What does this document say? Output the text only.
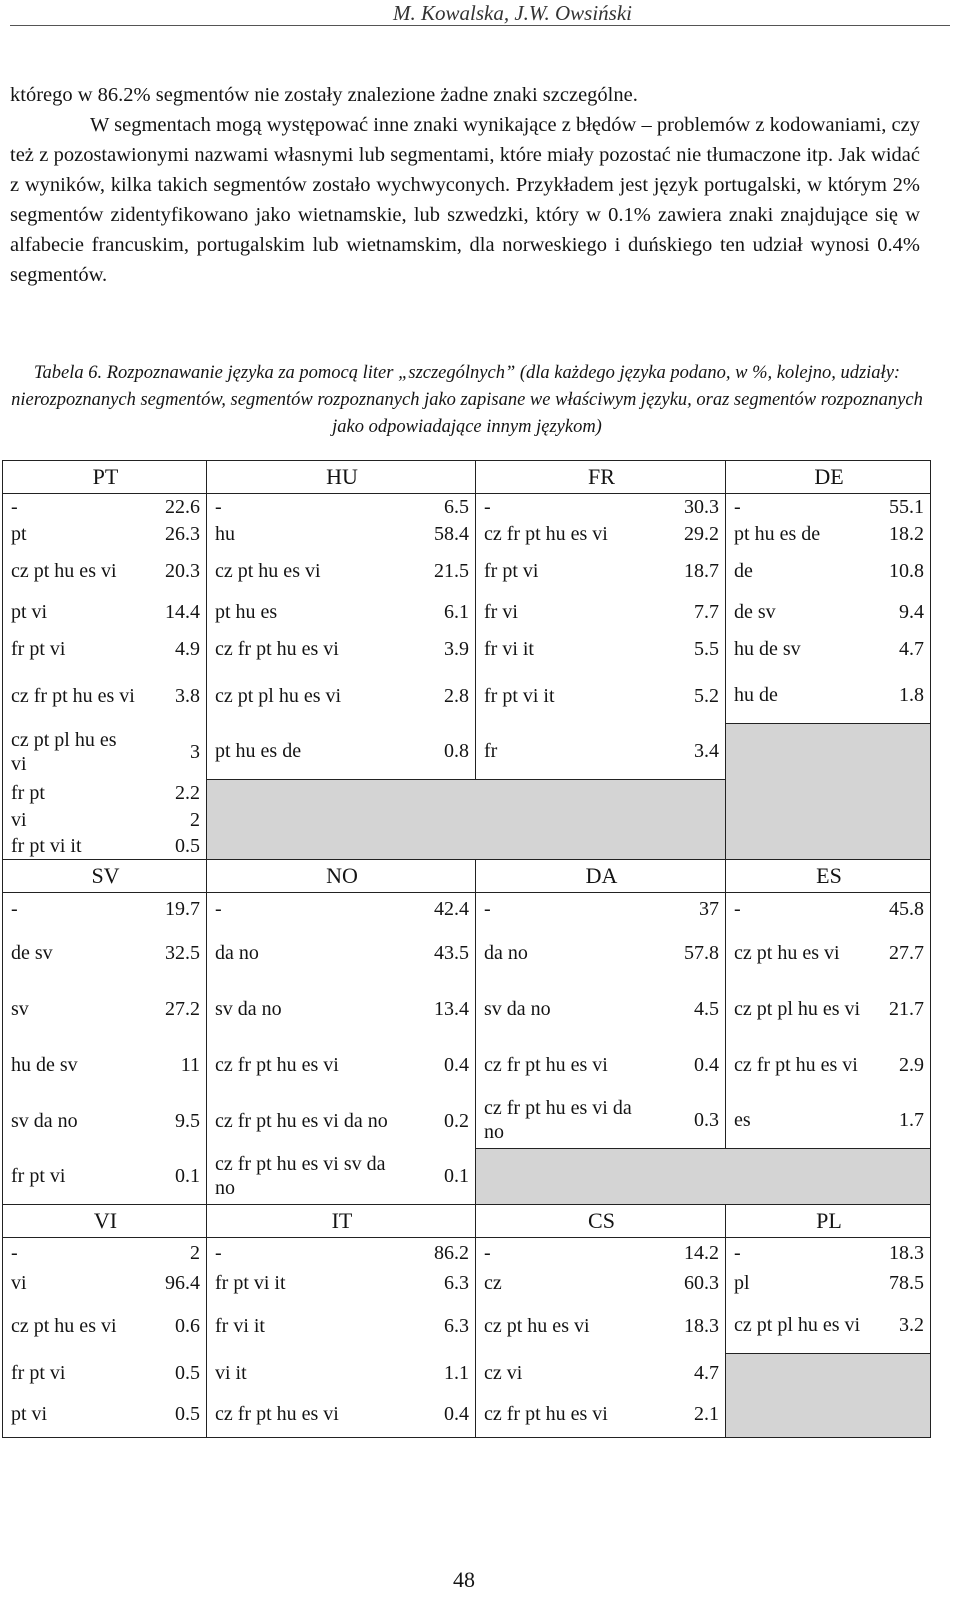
M. Kowalska, J.W. Owsiński

którego w 86.2% segmentów nie zostały znalezione żadne znaki szczególne.

W segmentach mogą występować inne znaki wynikające z błędów – problemów z kodowaniami, czy też z pozostawionymi nazwami własnymi lub segmentami, które miały pozostać nie tłumaczone itp. Jak widać z wyników, kilka takich segmentów zostało wychwyconych. Przykładem jest język portugalski, w którym 2% segmentów zidentyfikowano jako wietnamskie, lub szwedzki, który w 0.1% zawiera znaki znajdujące się w alfabecie francuskim, portugalskim lub wietnamskim, dla norweskiego i duńskiego ten udział wynosi 0.4% segmentów.

Tabela 6. Rozpoznawanie języka za pomocą liter „szczególnych” (dla każdego języka podano, w %, kolejno, udziały: nierozpoznanych segmentów, segmentów rozpoznanych jako zapisane we właściwym języku, oraz segmentów rozpoznanych jako odpowiadające innym językom)
PT		HU		FR		DE	
-	22.6	-	6.5	-	30.3	-	55.1
pt	26.3	hu	58.4	cz fr pt hu es vi	29.2	pt hu es de	18.2
cz pt hu es vi	20.3	cz pt hu es vi	21.5	fr pt vi	18.7	de	10.8
pt vi	14.4	pt hu es	6.1	fr vi	7.7	de sv	9.4
fr pt vi	4.9	cz fr pt hu es vi	3.9	fr vi it	5.5	hu de sv	4.7
cz fr pt hu es vi	3.8	cz pt pl hu es vi	2.8	fr pt vi it	5.2	hu de	1.8
cz pt pl hu es vi	3	pt hu es de	0.8	fr	3.4		
fr pt	2.2						
vi	2						
fr pt vi it	0.5						
SV		NO		DA		ES	
-	19.7	-	42.4	-	37	-	45.8
de sv	32.5	da no	43.5	da no	57.8	cz pt hu es vi	27.7
sv	27.2	sv da no	13.4	sv da no	4.5	cz pt pl hu es vi	21.7
hu de sv	11	cz fr pt hu es vi	0.4	cz fr pt hu es vi	0.4	cz fr pt hu es vi	2.9
sv da no	9.5	cz fr pt hu es vi da no	0.2	cz fr pt hu es vi da no	0.3	es	1.7
fr pt vi	0.1	cz fr pt hu es vi sv da no	0.1				
VI		IT		CS		PL	
-	2	-	86.2	-	14.2	-	18.3
vi	96.4	fr pt vi it	6.3	cz	60.3	pl	78.5
cz pt hu es vi	0.6	fr vi it	6.3	cz pt hu es vi	18.3	cz pt pl hu es vi	3.2
fr pt vi	0.5	vi it	1.1	cz vi	4.7		
pt vi	0.5	cz fr pt hu es vi	0.4	cz fr pt hu es vi	2.1		
48
